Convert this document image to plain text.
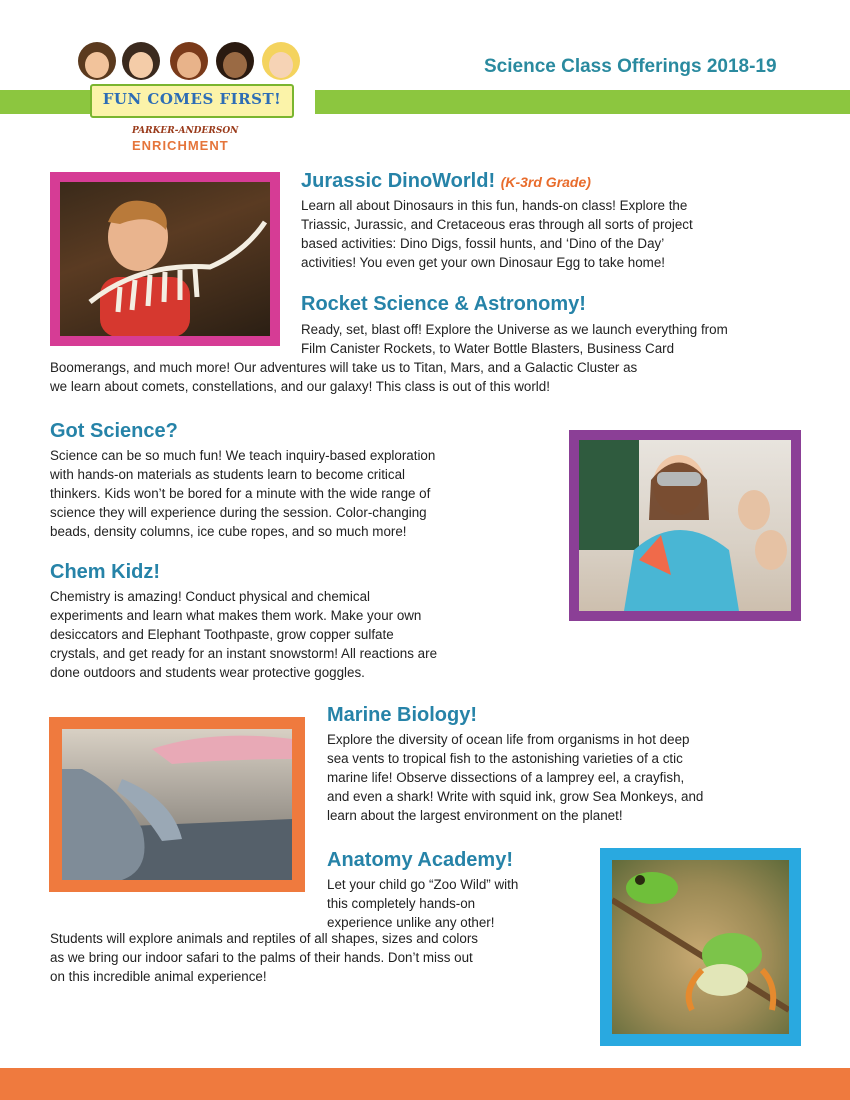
Science Class Offerings 2018-19
FUN COMES FIRST!
PARKER-ANDERSON
ENRICHMENT
Jurassic DinoWorld! (K-3rd Grade)
Learn all about Dinosaurs in this fun, hands-on class! Explore the
Triassic, Jurassic, and Cretaceous eras through all sorts of project
based activities: Dino Digs, fossil hunts, and ‘Dino of the Day’
activities! You even get your own Dinosaur Egg to take home!
Rocket Science & Astronomy!
Ready, set, blast off! Explore the Universe as we launch everything from
Film Canister Rockets, to Water Bottle Blasters, Business Card
Boomerangs, and much more! Our adventures will take us to Titan, Mars, and a Galactic Cluster as
we learn about comets, constellations, and our galaxy! This class is out of this world!
Got Science?
Science can be so much fun! We teach inquiry-based exploration
with hands-on materials as students learn to become critical
thinkers. Kids won’t be bored for a minute with the wide range of
science they will experience during the session. Color-changing
beads, density columns, ice cube ropes, and so much more!
Chem Kidz!
Chemistry is amazing! Conduct physical and chemical
experiments and learn what makes them work. Make your own
desiccators and Elephant Toothpaste, grow copper sulfate
crystals, and get ready for an instant snowstorm! All reactions are
done outdoors and students wear protective goggles.
Marine Biology!
Explore the diversity of ocean life from organisms in hot deep
sea vents to tropical fish to the astonishing varieties of a ctic
marine life! Observe dissections of a lamprey eel, a crayfish,
and even a shark! Write with squid ink, grow Sea Monkeys, and
learn about the largest environment on the planet!
Anatomy Academy!
Let your child go “Zoo Wild” with
this completely hands-on
experience unlike any other!
Students will explore animals and reptiles of all shapes, sizes and colors
as we bring our indoor safari to the palms of their hands. Don’t miss out
on this incredible animal experience!
